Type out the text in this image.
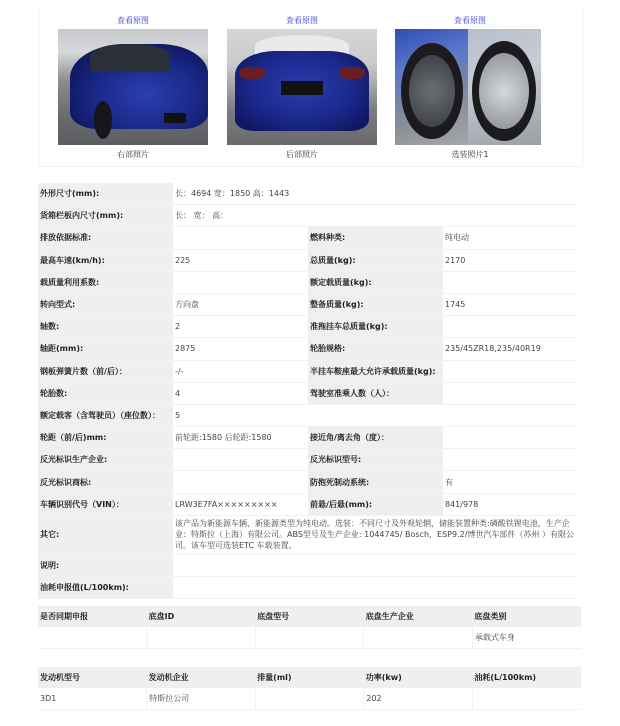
查看原图
右部照片
查看原图
后部照片
查看原图
选装照片1
外形尺寸(mm):	长：4694 宽：1850 高：1443		
货箱栏板内尺寸(mm):	长： 宽： 高：		
排放依据标准:		燃料种类:	纯电动
最高车速(km/h):	225	总质量(kg):	2170
载质量利用系数:		额定载质量(kg):	
转向型式:	方向盘	整备质量(kg):	1745
轴数:	2	准拖挂车总质量(kg):	
轴距(mm):	2875	轮胎规格:	235/45ZR18,235/40R19
钢板弹簧片数（前/后）：	-/-	半挂车鞍座最大允许承载质量(kg):	
轮胎数:	4	驾驶室准乘人数（人）：	
额定载客（含驾驶员）（座位数）：	5		
轮距（前/后)mm:	前轮距:1580 后轮距:1580	接近角/离去角（度）：	
反光标识生产企业:		反光标识型号:	
反光标识商标:		防抱死制动系统:	有
车辆识别代号（VIN）：	LRW3E7FA×××××××××	前悬/后悬(mm):	841/978
其它:	该产品为新能源车辆，新能源类型为纯电动。选装：不同尺寸及外观轮辋，储能装置种类:磷酸铁锂电池，生产企业：特斯拉（上海）有限公司。ABS型号及生产企业: 1044745/ Bosch，ESP9.2/博世汽车部件（苏州 ）有限公司。该车型可选装ETC 车载装置。		
说明:			
油耗申报值(L/100km):			
是否同期申报	底盘ID	底盘型号	底盘生产企业	底盘类别
				承载式车身
发动机型号	发动机企业	排量(ml)	功率(kw)	油耗(L/100km)
3D1	特斯拉公司		202	
